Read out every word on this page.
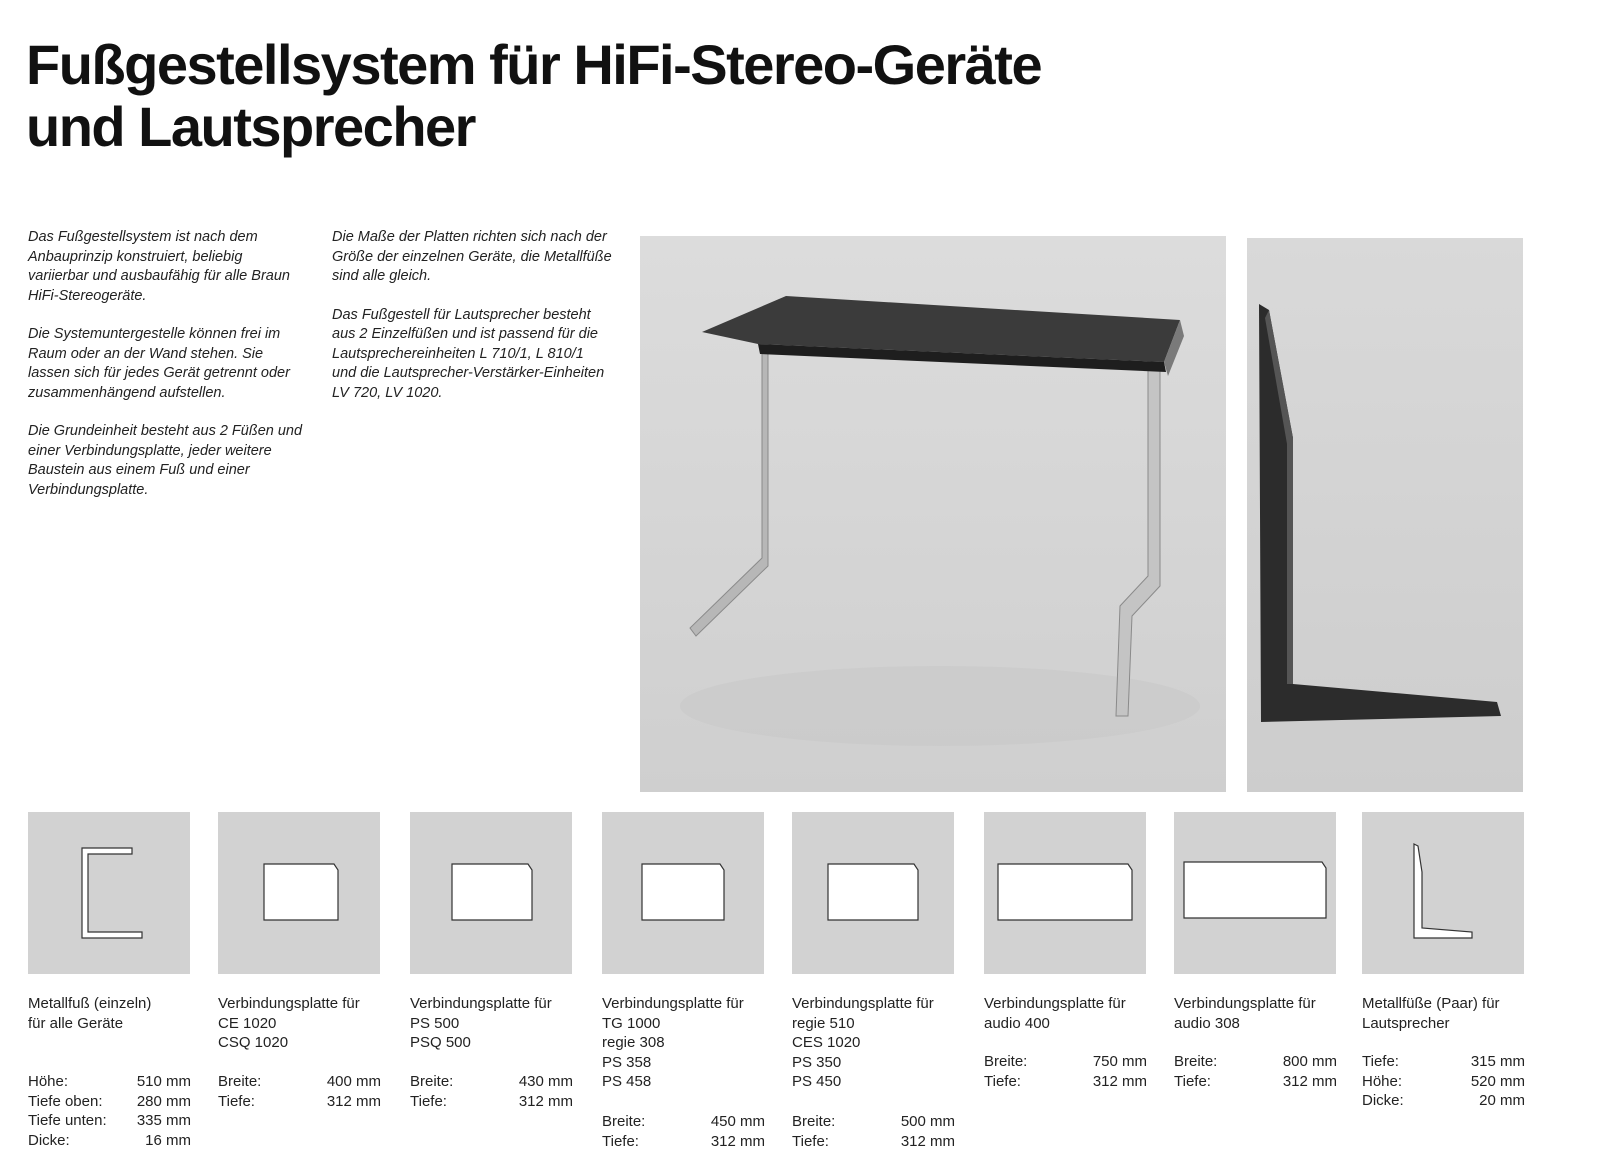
Fußgestellsystem für HiFi-Stereo-Geräte
und Lautsprecher

Das Fußgestellsystem ist nach dem Anbauprinzip konstruiert, beliebig variierbar und ausbaufähig für alle Braun HiFi-Stereogeräte.

Die Systemuntergestelle können frei im Raum oder an der Wand stehen. Sie lassen sich für jedes Gerät getrennt oder zusammenhängend aufstellen.

Die Grundeinheit besteht aus 2 Füßen und einer Verbindungsplatte, jeder weitere Baustein aus einem Fuß und einer Verbindungsplatte.

Die Maße der Platten richten sich nach der Größe der einzelnen Geräte, die Metallfüße sind alle gleich.

Das Fußgestell für Lautsprecher besteht aus 2 Einzelfüßen und ist passend für die Lautsprechereinheiten L 710/1, L 810/1 und die Lautsprecher-Verstärker-Einheiten LV 720, LV 1020.

Metallfuß (einzeln)
für alle Geräte
Höhe:	510 mm
Tiefe oben: 280 mm
Tiefe unten: 335 mm
Dicke:	16 mm
Verbindungsplatte für
CE 1020
CSQ 1020
Breite:	400 mm
Tiefe:	312 mm
Verbindungsplatte für
PS 500
PSQ 500
Breite:	430 mm
Tiefe:	312 mm
Verbindungsplatte für
TG 1000
regie 308
PS 358
PS 458
Breite:	450 mm
Tiefe:	312 mm
Verbindungsplatte für
regie 510
CES 1020
PS 350
PS 450
Breite:	500 mm
Tiefe:	312 mm
Verbindungsplatte für
audio 400
Breite:	750 mm
Tiefe:	312 mm
Verbindungsplatte für
audio 308
Breite:	800 mm
Tiefe:	312 mm
Metallfüße (Paar) für
Lautsprecher
Tiefe:	315 mm
Höhe:	520 mm
Dicke:	20 mm
